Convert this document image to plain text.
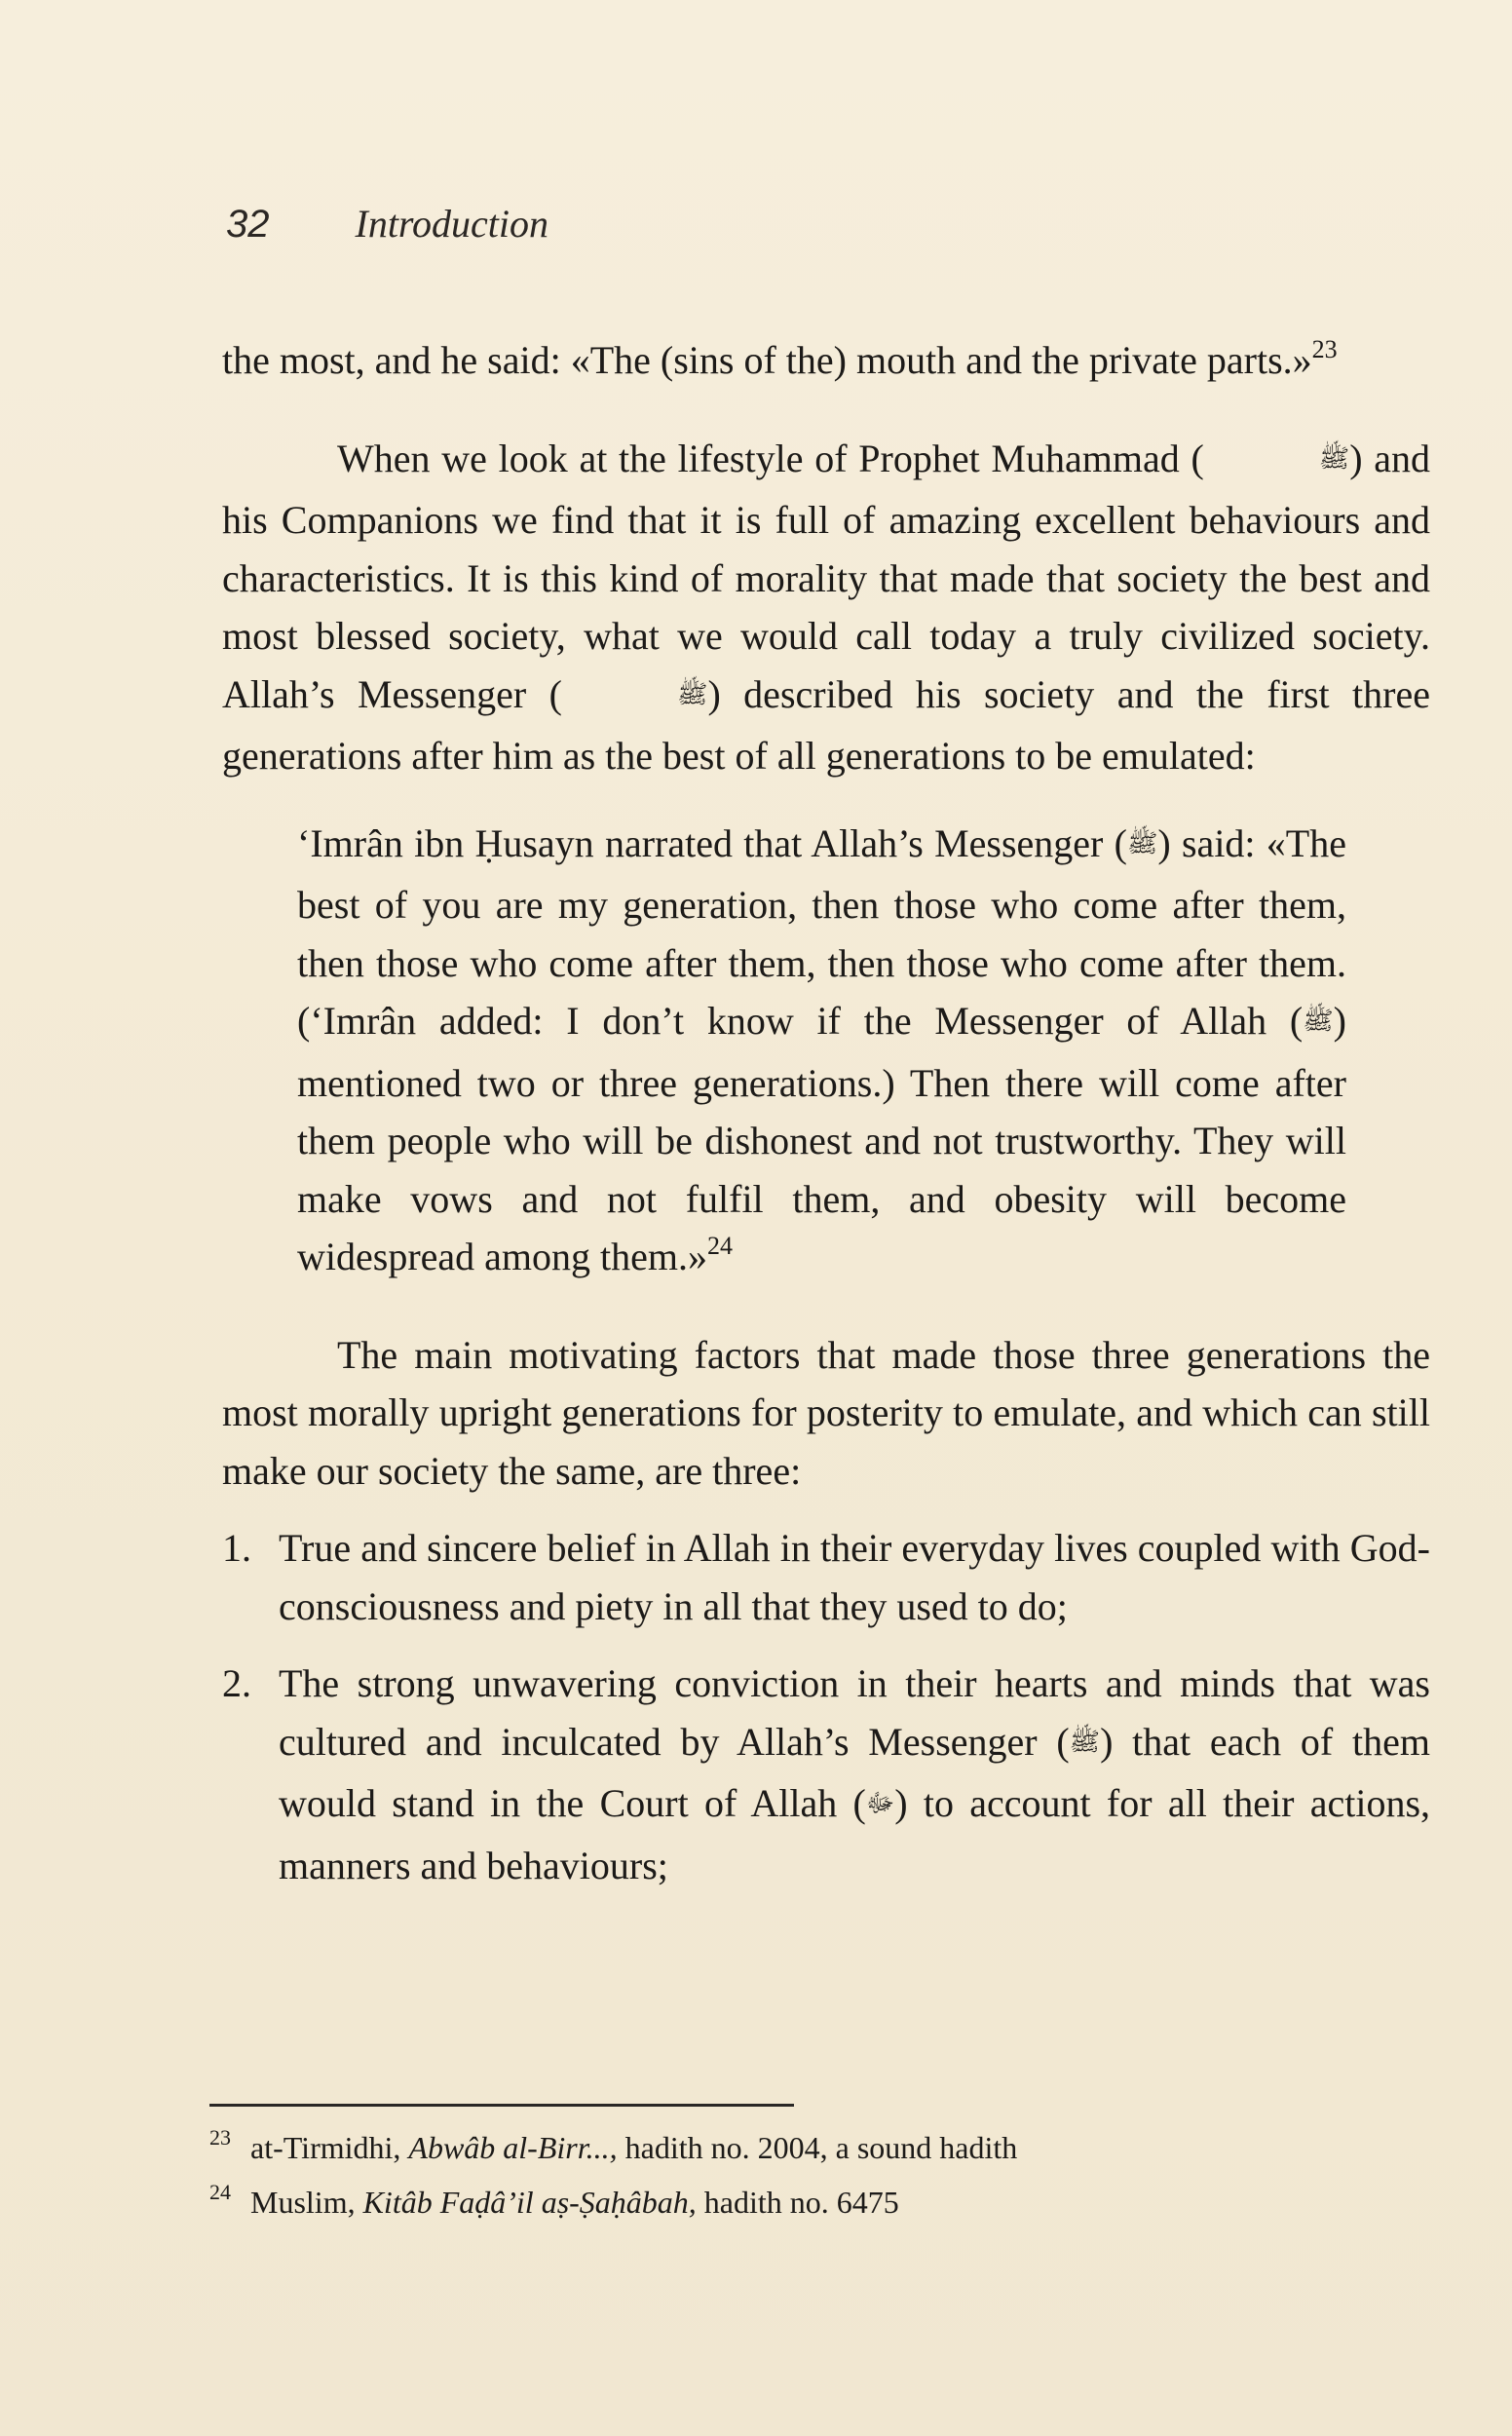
32 Introduction

the most, and he said: «The (sins of the) mouth and the private parts.»$^{23}$

When we look at the lifestyle of Prophet Muhammad (	ﷺ) and his Companions we find that it is full of amazing excellent behaviours and characteristics. It is this kind of morality that made that society the best and most blessed society, what we would call today a truly civilized society. Allah’s Messenger (	ﷺ) described his society and the first three generations after him as the best of all generations to be emulated:

‘Imrân ibn Ḥusayn narrated that Allah’s Messenger (ﷺ) said: «The best of you are my generation, then those who come after them, then those who come after them, then those who come after them. (‘Imrân added: I don’t know if the Messenger of Allah (ﷺ) mentioned two or three generations.) Then there will come after them people who will be dishonest and not trustworthy. They will make vows and not fulfil them, and obesity will become widespread among them.»$^{24}$

The main motivating factors that made those three generations the most morally upright generations for posterity to emulate, and which can still make our society the same, are three:

1. True and sincere belief in Allah in their everyday lives coupled with God-consciousness and piety in all that they used to do;
2. The strong unwavering conviction in their hearts and minds that was cultured and inculcated by Allah’s Messenger (ﷺ) that each of them would stand in the Court of Allah (ﷻ) to account for all their actions, manners and behaviours;
23 at-Tirmidhi, Abwâb al-Birr..., hadith no. 2004, a sound hadith
24 Muslim, Kitâb Faḍâ’il aṣ-Ṣaḥâbah, hadith no. 6475
